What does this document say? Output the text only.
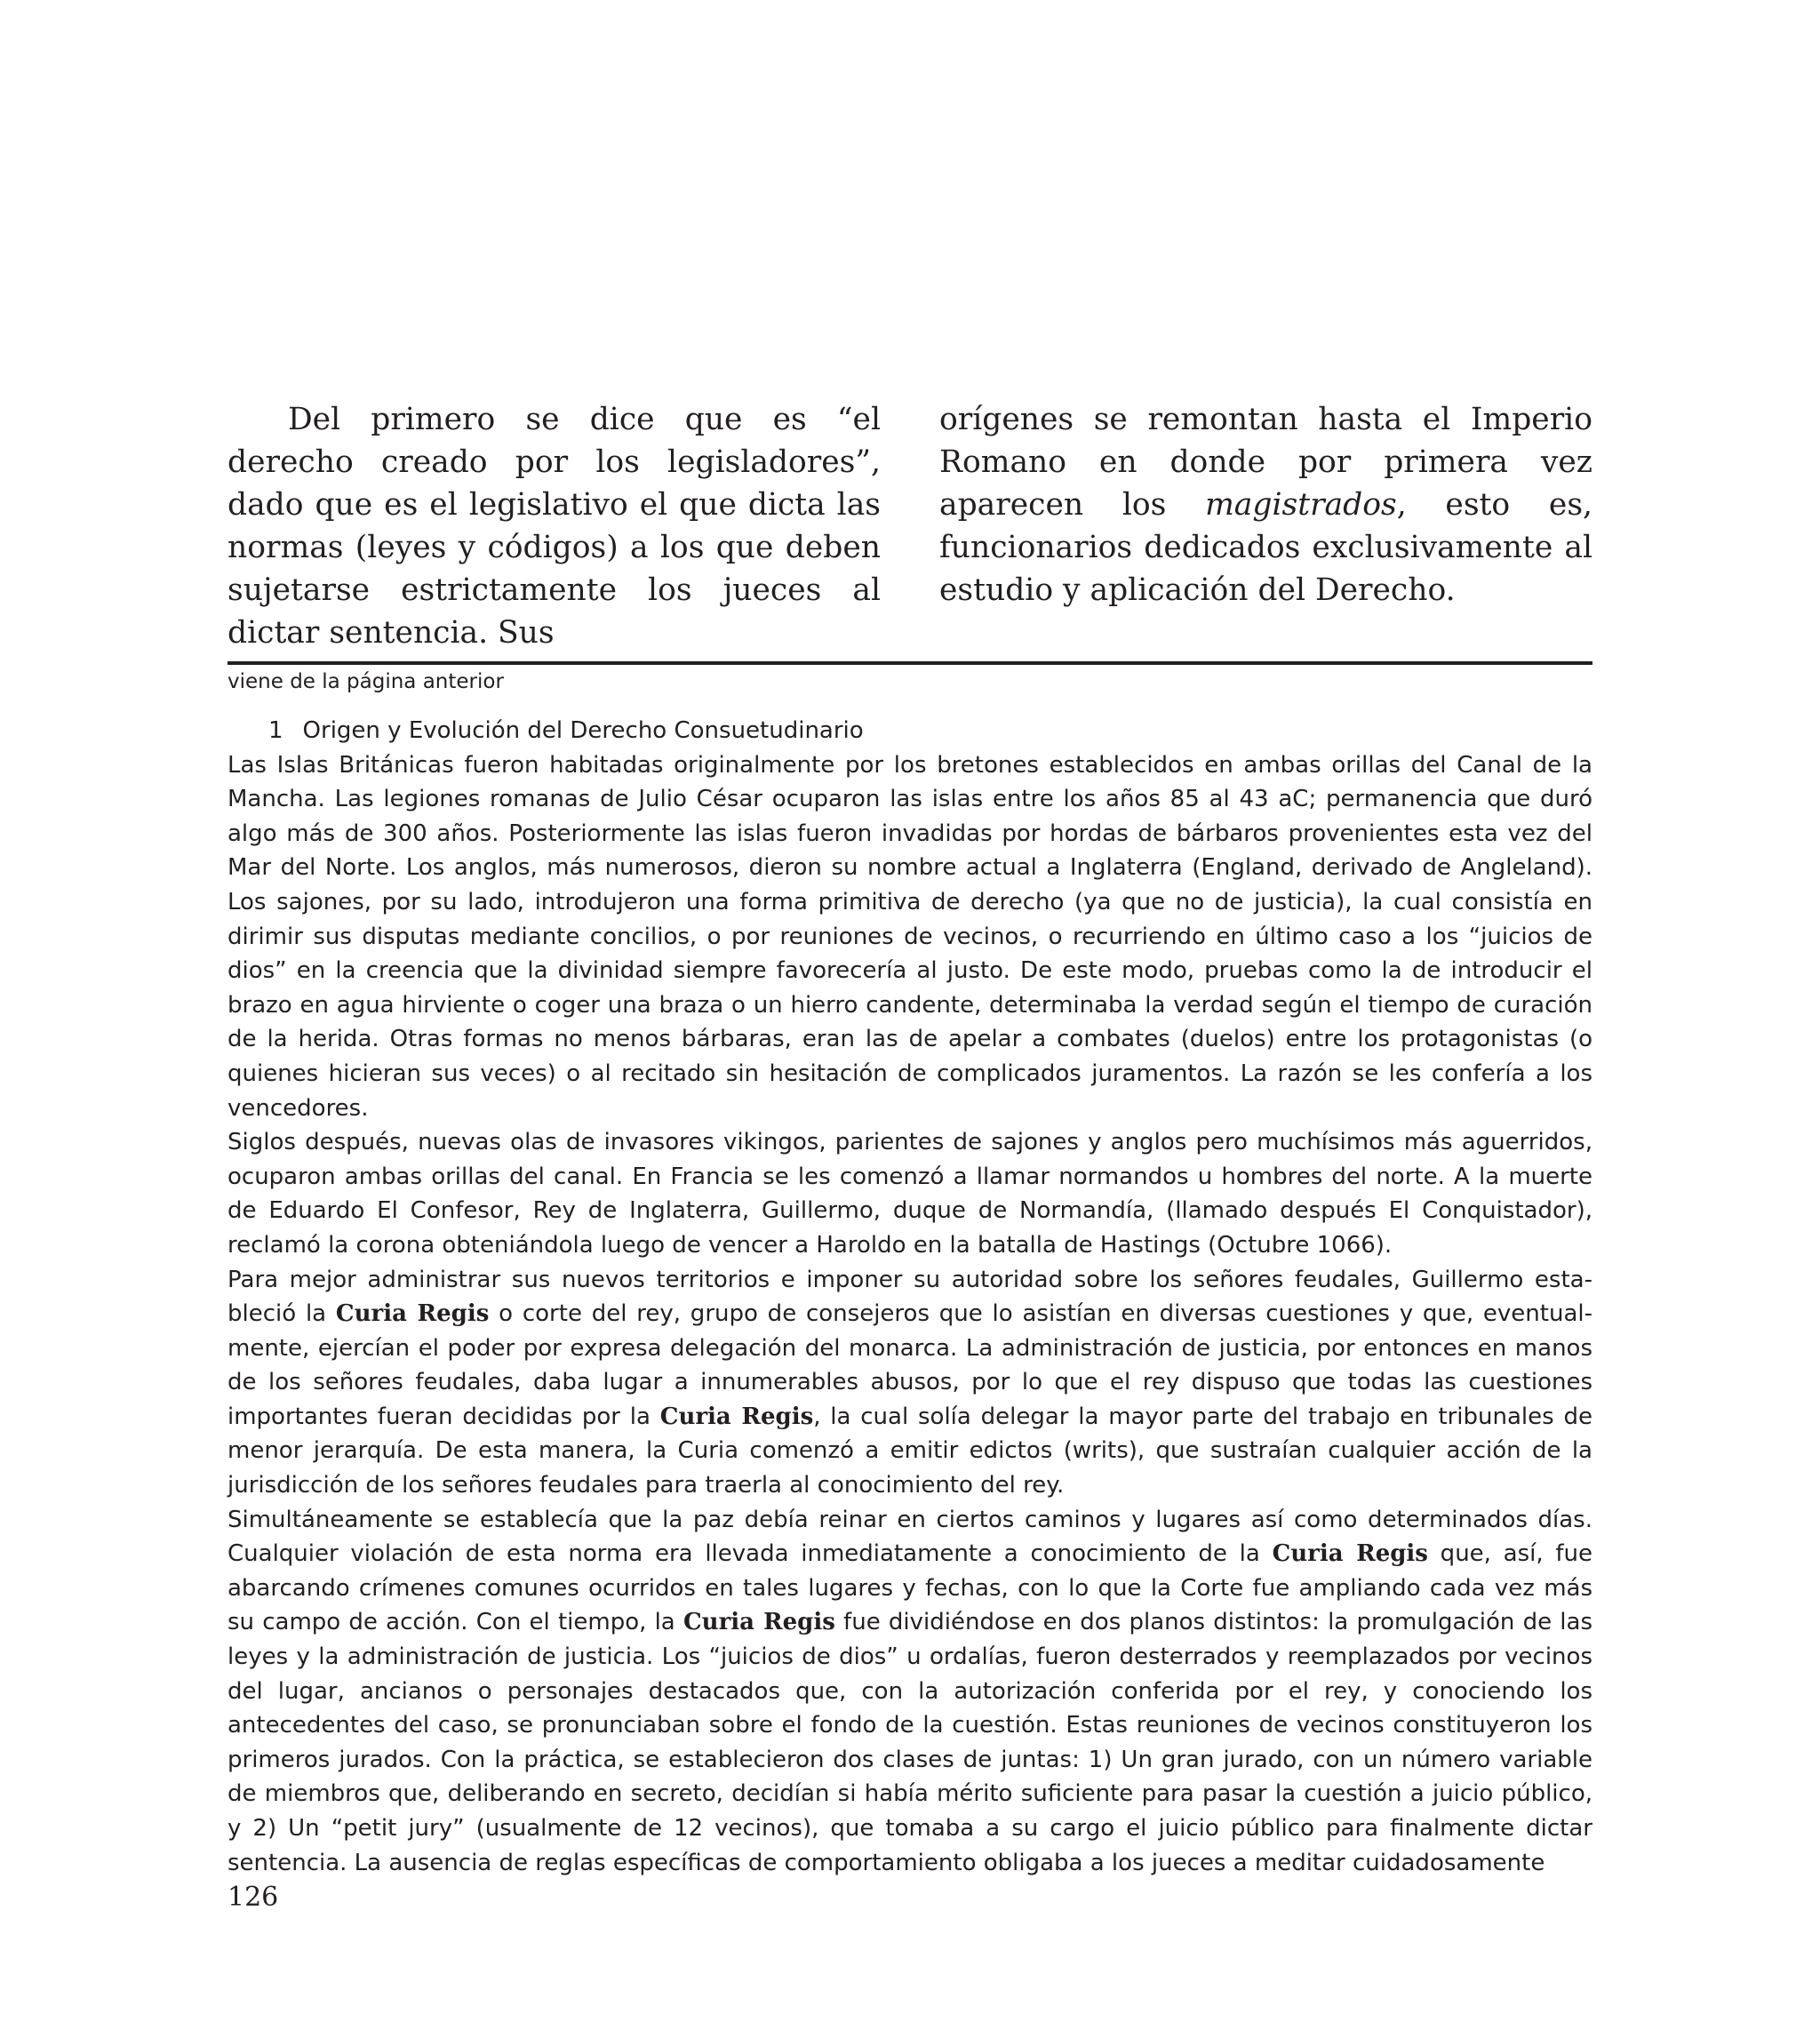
Del primero se dice que es “el derecho creado por los legisladores”, dado que es el legislativo el que dicta las normas (leyes y códigos) a los que deben sujetarse estrictamente los jueces al dictar sentencia. Sus

orígenes se remontan hasta el Imperio Romano en donde por primera vez aparecen los magistrados, esto es, funcionarios dedicados exclusivamente al estudio y aplicación del Derecho.

viene de la página anterior

1 Origen y Evolución del Derecho Consuetudinario

Las Islas Británicas fueron habitadas originalmente por los bretones establecidos en ambas orillas del Canal de la Mancha. Las legiones romanas de Julio César ocuparon las islas entre los años 85 al 43 aC; permanencia que duró algo más de 300 años. Posteriormente las islas fueron invadidas por hordas de bárbaros provenientes esta vez del Mar del Norte. Los anglos, más numerosos, dieron su nombre actual a Inglaterra (England, derivado de Angleland). Los sajones, por su lado, introdujeron una forma primitiva de derecho (ya que no de justicia), la cual consistía en dirimir sus disputas mediante concilios, o por reuniones de vecinos, o recurriendo en último caso a los “juicios de dios” en la creencia que la divinidad siempre favorecería al justo. De este modo, pruebas como la de introducir el brazo en agua hirviente o coger una braza o un hierro candente, determinaba la verdad según el tiempo de curación de la herida. Otras formas no menos bárbaras, eran las de apelar a combates (duelos) entre los protagonistas (o quienes hicieran sus veces) o al recitado sin hesitación de complicados juramentos. La razón se les confería a los vencedores.

Siglos después, nuevas olas de invasores vikingos, parientes de sajones y anglos pero muchísimos más aguerridos, ocuparon ambas orillas del canal. En Francia se les comenzó a llamar normandos u hombres del norte. A la muerte de Eduardo El Confesor, Rey de Inglaterra, Guillermo, duque de Normandía, (llamado después El Conquistador), reclamó la corona obteniándola luego de vencer a Haroldo en la batalla de Hastings (Octubre 1066).

Para mejor administrar sus nuevos territorios e imponer su autoridad sobre los señores feudales, Guillermo estableció la Curia Regis o corte del rey, grupo de consejeros que lo asistían en diversas cuestiones y que, eventualmente, ejercían el poder por expresa delegación del monarca. La administración de justicia, por entonces en manos de los señores feudales, daba lugar a innumerables abusos, por lo que el rey dispuso que todas las cuestiones importantes fueran decididas por la Curia Regis, la cual solía delegar la mayor parte del trabajo en tribunales de menor jerarquía. De esta manera, la Curia comenzó a emitir edictos (writs), que sustraían cualquier acción de la jurisdicción de los señores feudales para traerla al conocimiento del rey.

Simultáneamente se establecía que la paz debía reinar en ciertos caminos y lugares así como determinados días. Cualquier violación de esta norma era llevada inmediatamente a conocimiento de la Curia Regis que, así, fue abarcando crímenes comunes ocurridos en tales lugares y fechas, con lo que la Corte fue ampliando cada vez más su campo de acción. Con el tiempo, la Curia Regis fue dividiéndose en dos planos distintos: la promulgación de las leyes y la administración de justicia. Los “juicios de dios” u ordalías, fueron desterrados y reemplazados por vecinos del lugar, ancianos o personajes destacados que, con la autorización conferida por el rey, y conociendo los antecedentes del caso, se pronunciaban sobre el fondo de la cuestión. Estas reuniones de vecinos constituyeron los primeros jurados. Con la práctica, se establecieron dos clases de juntas: 1) Un gran jurado, con un número variable de miembros que, deliberando en secreto, decidían si había mérito suficiente para pasar la cuestión a juicio público, y 2) Un “petit jury” (usualmente de 12 vecinos), que tomaba a su cargo el juicio público para finalmente dictar sentencia. La ausencia de reglas específicas de comportamiento obligaba a los jueces a meditar cuidadosamente

126
